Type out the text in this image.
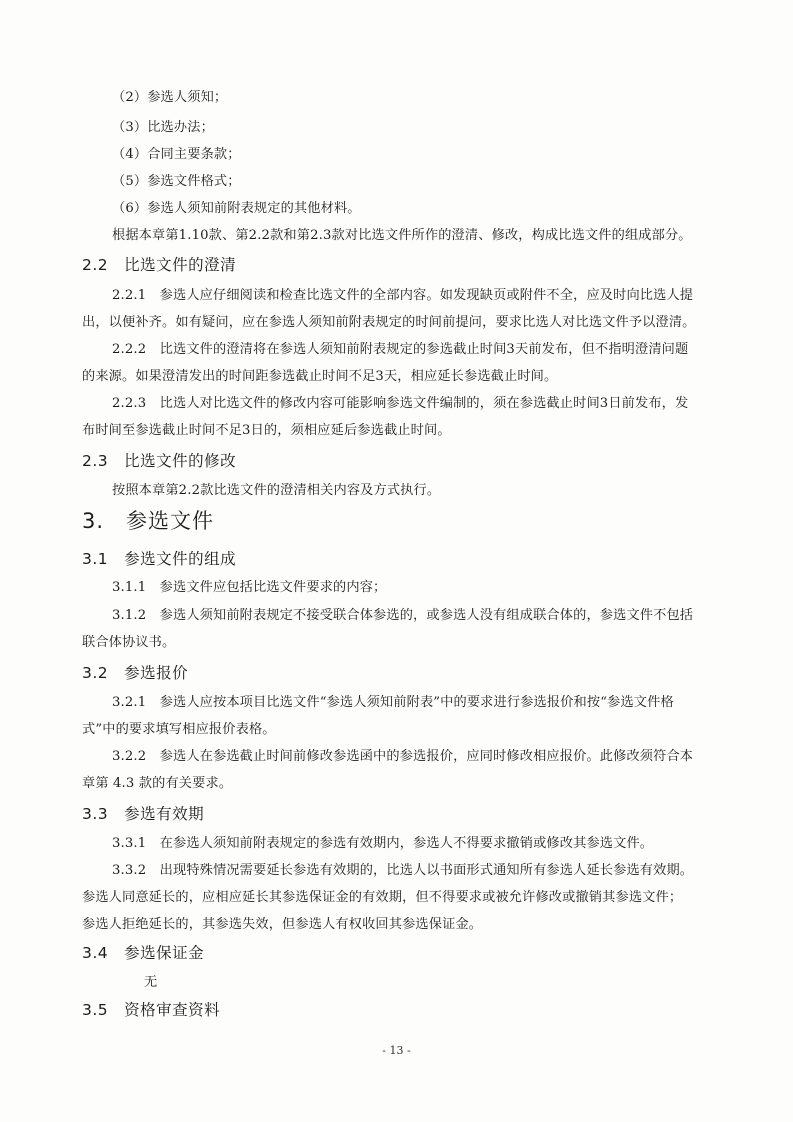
（2）参选人须知；
（3）比选办法；
（4）合同主要条款；
（5）参选文件格式；
（6）参选人须知前附表规定的其他材料。
根据本章第1.10款、第2.2款和第2.3款对比选文件所作的澄清、修改，构成比选文件的组成部分。
2.2　比选文件的澄清
2.2.1　参选人应仔细阅读和检查比选文件的全部内容。如发现缺页或附件不全，应及时向比选人提
出，以便补齐。如有疑问，应在参选人须知前附表规定的时间前提问，要求比选人对比选文件予以澄清。
2.2.2　比选文件的澄清将在参选人须知前附表规定的参选截止时间3天前发布，但不指明澄清问题
的来源。如果澄清发出的时间距参选截止时间不足3天，相应延长参选截止时间。
2.2.3　比选人对比选文件的修改内容可能影响参选文件编制的，须在参选截止时间3日前发布，发
布时间至参选截止时间不足3日的，须相应延后参选截止时间。
2.3　比选文件的修改
按照本章第2.2款比选文件的澄清相关内容及方式执行。
3.　参选文件
3.1　参选文件的组成
3.1.1　参选文件应包括比选文件要求的内容；
3.1.2　参选人须知前附表规定不接受联合体参选的，或参选人没有组成联合体的，参选文件不包括
联合体协议书。
3.2　参选报价
3.2.1　参选人应按本项目比选文件“参选人须知前附表”中的要求进行参选报价和按“参选文件格
式”中的要求填写相应报价表格。
3.2.2　参选人在参选截止时间前修改参选函中的参选报价，应同时修改相应报价。此修改须符合本
章第 4.3 款的有关要求。
3.3　参选有效期
3.3.1　在参选人须知前附表规定的参选有效期内，参选人不得要求撤销或修改其参选文件。
3.3.2　出现特殊情况需要延长参选有效期的，比选人以书面形式通知所有参选人延长参选有效期。
参选人同意延长的，应相应延长其参选保证金的有效期，但不得要求或被允许修改或撤销其参选文件；
参选人拒绝延长的，其参选失效，但参选人有权收回其参选保证金。
3.4　参选保证金
无
3.5　资格审查资料
- 13 -
